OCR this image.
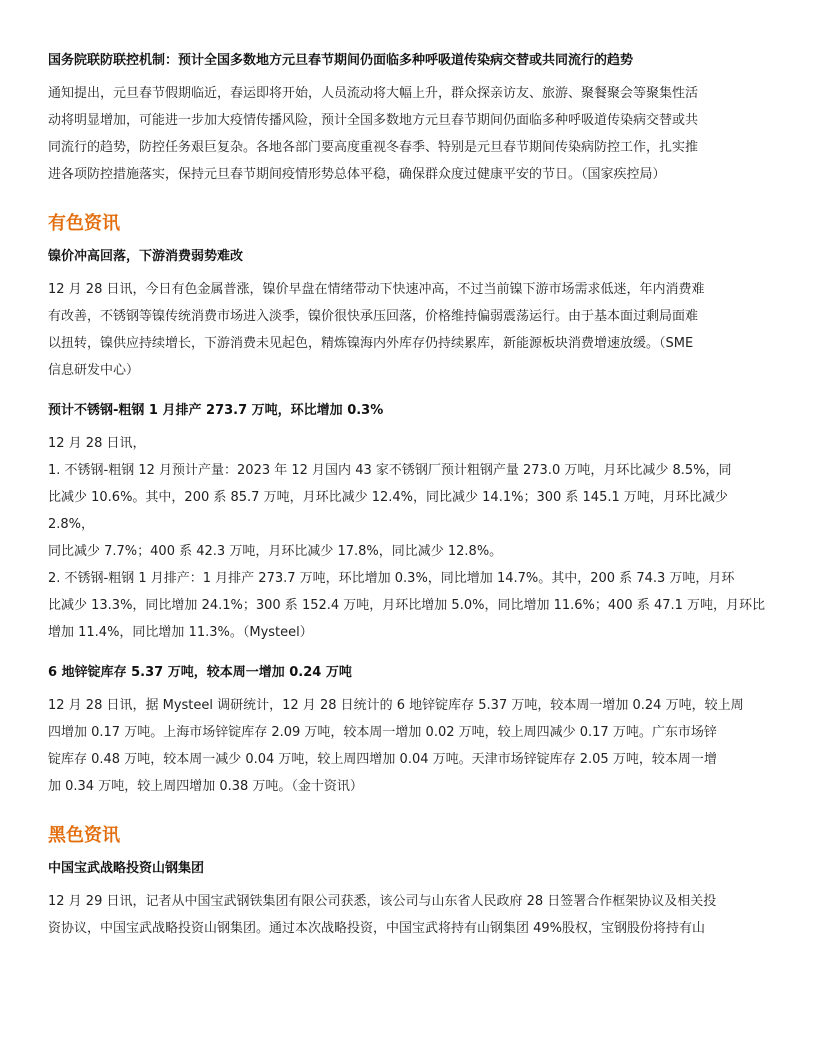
国务院联防联控机制：预计全国多数地方元旦春节期间仍面临多种呼吸道传染病交替或共同流行的趋势

通知提出，元旦春节假期临近，春运即将开始，人员流动将大幅上升，群众探亲访友、旅游、聚餐聚会等聚集性活

动将明显增加，可能进一步加大疫情传播风险，预计全国多数地方元旦春节期间仍面临多种呼吸道传染病交替或共

同流行的趋势，防控任务艰巨复杂。各地各部门要高度重视冬春季、特别是元旦春节期间传染病防控工作，扎实推

进各项防控措施落实，保持元旦春节期间疫情形势总体平稳，确保群众度过健康平安的节日。（国家疾控局）

有色资讯

镍价冲高回落，下游消费弱势难改

12 月 28 日讯，今日有色金属普涨，镍价早盘在情绪带动下快速冲高，不过当前镍下游市场需求低迷，年内消费难

有改善，不锈钢等镍传统消费市场进入淡季，镍价很快承压回落，价格维持偏弱震荡运行。由于基本面过剩局面难

以扭转，镍供应持续增长，下游消费未见起色，精炼镍海内外库存仍持续累库，新能源板块消费增速放缓。（SME

信息研发中心）

预计不锈钢-粗钢 1 月排产 273.7 万吨，环比增加 0.3%

12 月 28 日讯，

1. 不锈钢-粗钢 12 月预计产量：2023 年 12 月国内 43 家不锈钢厂预计粗钢产量 273.0 万吨，月环比减少 8.5%，同

比减少 10.6%。其中，200 系 85.7 万吨，月环比减少 12.4%，同比减少 14.1%；300 系 145.1 万吨，月环比减少 2.8%，

同比减少 7.7%；400 系 42.3 万吨，月环比减少 17.8%，同比减少 12.8%。

2. 不锈钢-粗钢 1 月排产：1 月排产 273.7 万吨，环比增加 0.3%，同比增加 14.7%。其中，200 系 74.3 万吨，月环

比减少 13.3%，同比增加 24.1%；300 系 152.4 万吨，月环比增加 5.0%，同比增加 11.6%；400 系 47.1 万吨，月环比

增加 11.4%，同比增加 11.3%。（Mysteel）

6 地锌锭库存 5.37 万吨，较本周一增加 0.24 万吨

12 月 28 日讯，据 Mysteel 调研统计，12 月 28 日统计的 6 地锌锭库存 5.37 万吨，较本周一增加 0.24 万吨，较上周

四增加 0.17 万吨。上海市场锌锭库存 2.09 万吨，较本周一增加 0.02 万吨，较上周四减少 0.17 万吨。广东市场锌

锭库存 0.48 万吨，较本周一减少 0.04 万吨，较上周四增加 0.04 万吨。天津市场锌锭库存 2.05 万吨，较本周一增

加 0.34 万吨，较上周四增加 0.38 万吨。（金十资讯）

黑色资讯

中国宝武战略投资山钢集团

12 月 29 日讯，记者从中国宝武钢铁集团有限公司获悉，该公司与山东省人民政府 28 日签署合作框架协议及相关投

资协议，中国宝武战略投资山钢集团。通过本次战略投资，中国宝武将持有山钢集团 49%股权，宝钢股份将持有山
